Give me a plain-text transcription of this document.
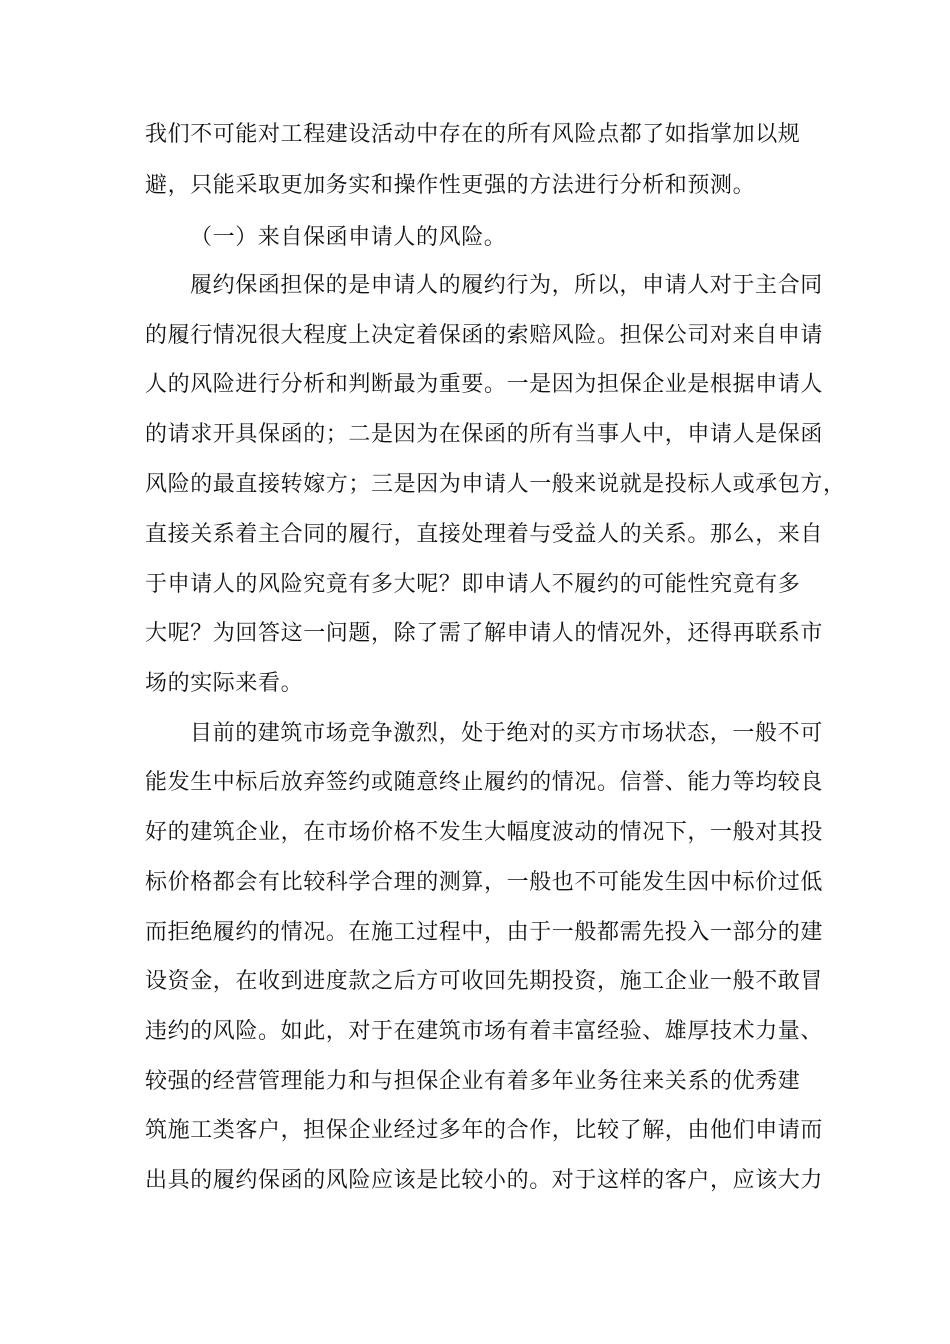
我们不可能对工程建设活动中存在的所有风险点都了如指掌加以规
避，只能采取更加务实和操作性更强的方法进行分析和预测。
（一）来自保函申请人的风险。
履约保函担保的是申请人的履约行为，所以，申请人对于主合同
的履行情况很大程度上决定着保函的索赔风险。担保公司对来自申请
人的风险进行分析和判断最为重要。一是因为担保企业是根据申请人
的请求开具保函的；二是因为在保函的所有当事人中，申请人是保函
风险的最直接转嫁方；三是因为申请人一般来说就是投标人或承包方，
直接关系着主合同的履行，直接处理着与受益人的关系。那么，来自
于申请人的风险究竟有多大呢？即申请人不履约的可能性究竟有多
大呢？为回答这一问题，除了需了解申请人的情况外，还得再联系市
场的实际来看。
目前的建筑市场竞争激烈，处于绝对的买方市场状态，一般不可
能发生中标后放弃签约或随意终止履约的情况。信誉、能力等均较良
好的建筑企业，在市场价格不发生大幅度波动的情况下，一般对其投
标价格都会有比较科学合理的测算，一般也不可能发生因中标价过低
而拒绝履约的情况。在施工过程中，由于一般都需先投入一部分的建
设资金，在收到进度款之后方可收回先期投资，施工企业一般不敢冒
违约的风险。如此，对于在建筑市场有着丰富经验、雄厚技术力量、
较强的经营管理能力和与担保企业有着多年业务往来关系的优秀建
筑施工类客户，担保企业经过多年的合作，比较了解，由他们申请而
出具的履约保函的风险应该是比较小的。对于这样的客户，应该大力
